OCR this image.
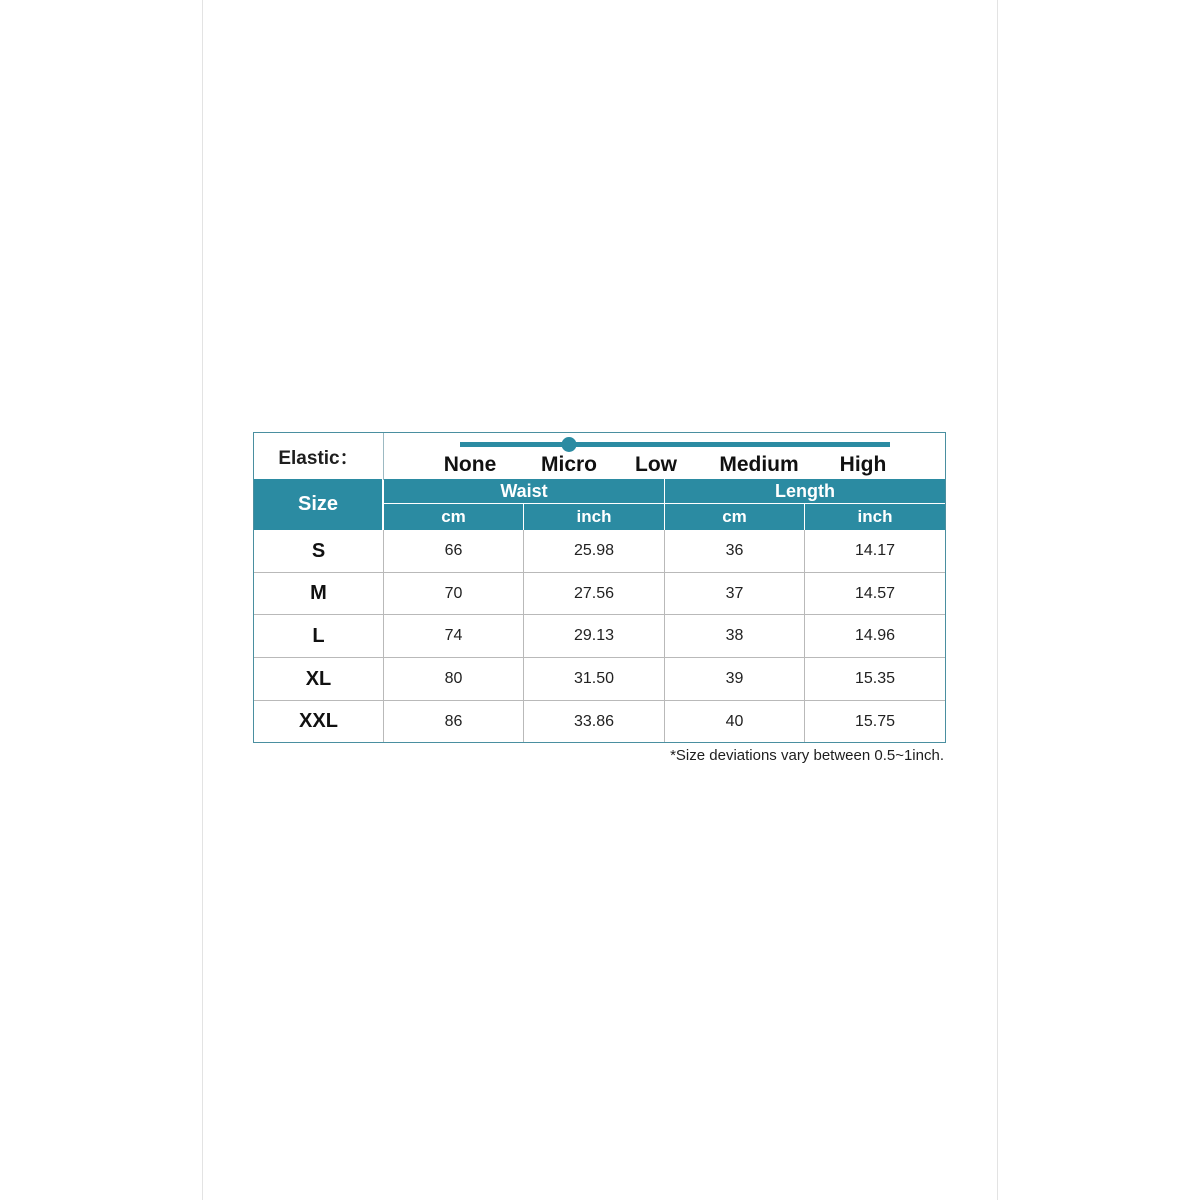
Elastic：	None Micro Low Medium High
Size
Waist	Length
cm	inch	cm	inch
S	66	25.98	36	14.17
M	70	27.56	37	14.57
L	74	29.13	38	14.96
XL	80	31.50	39	15.35
XXL	86	33.86	40	15.75
*Size deviations vary between 0.5~1inch.
